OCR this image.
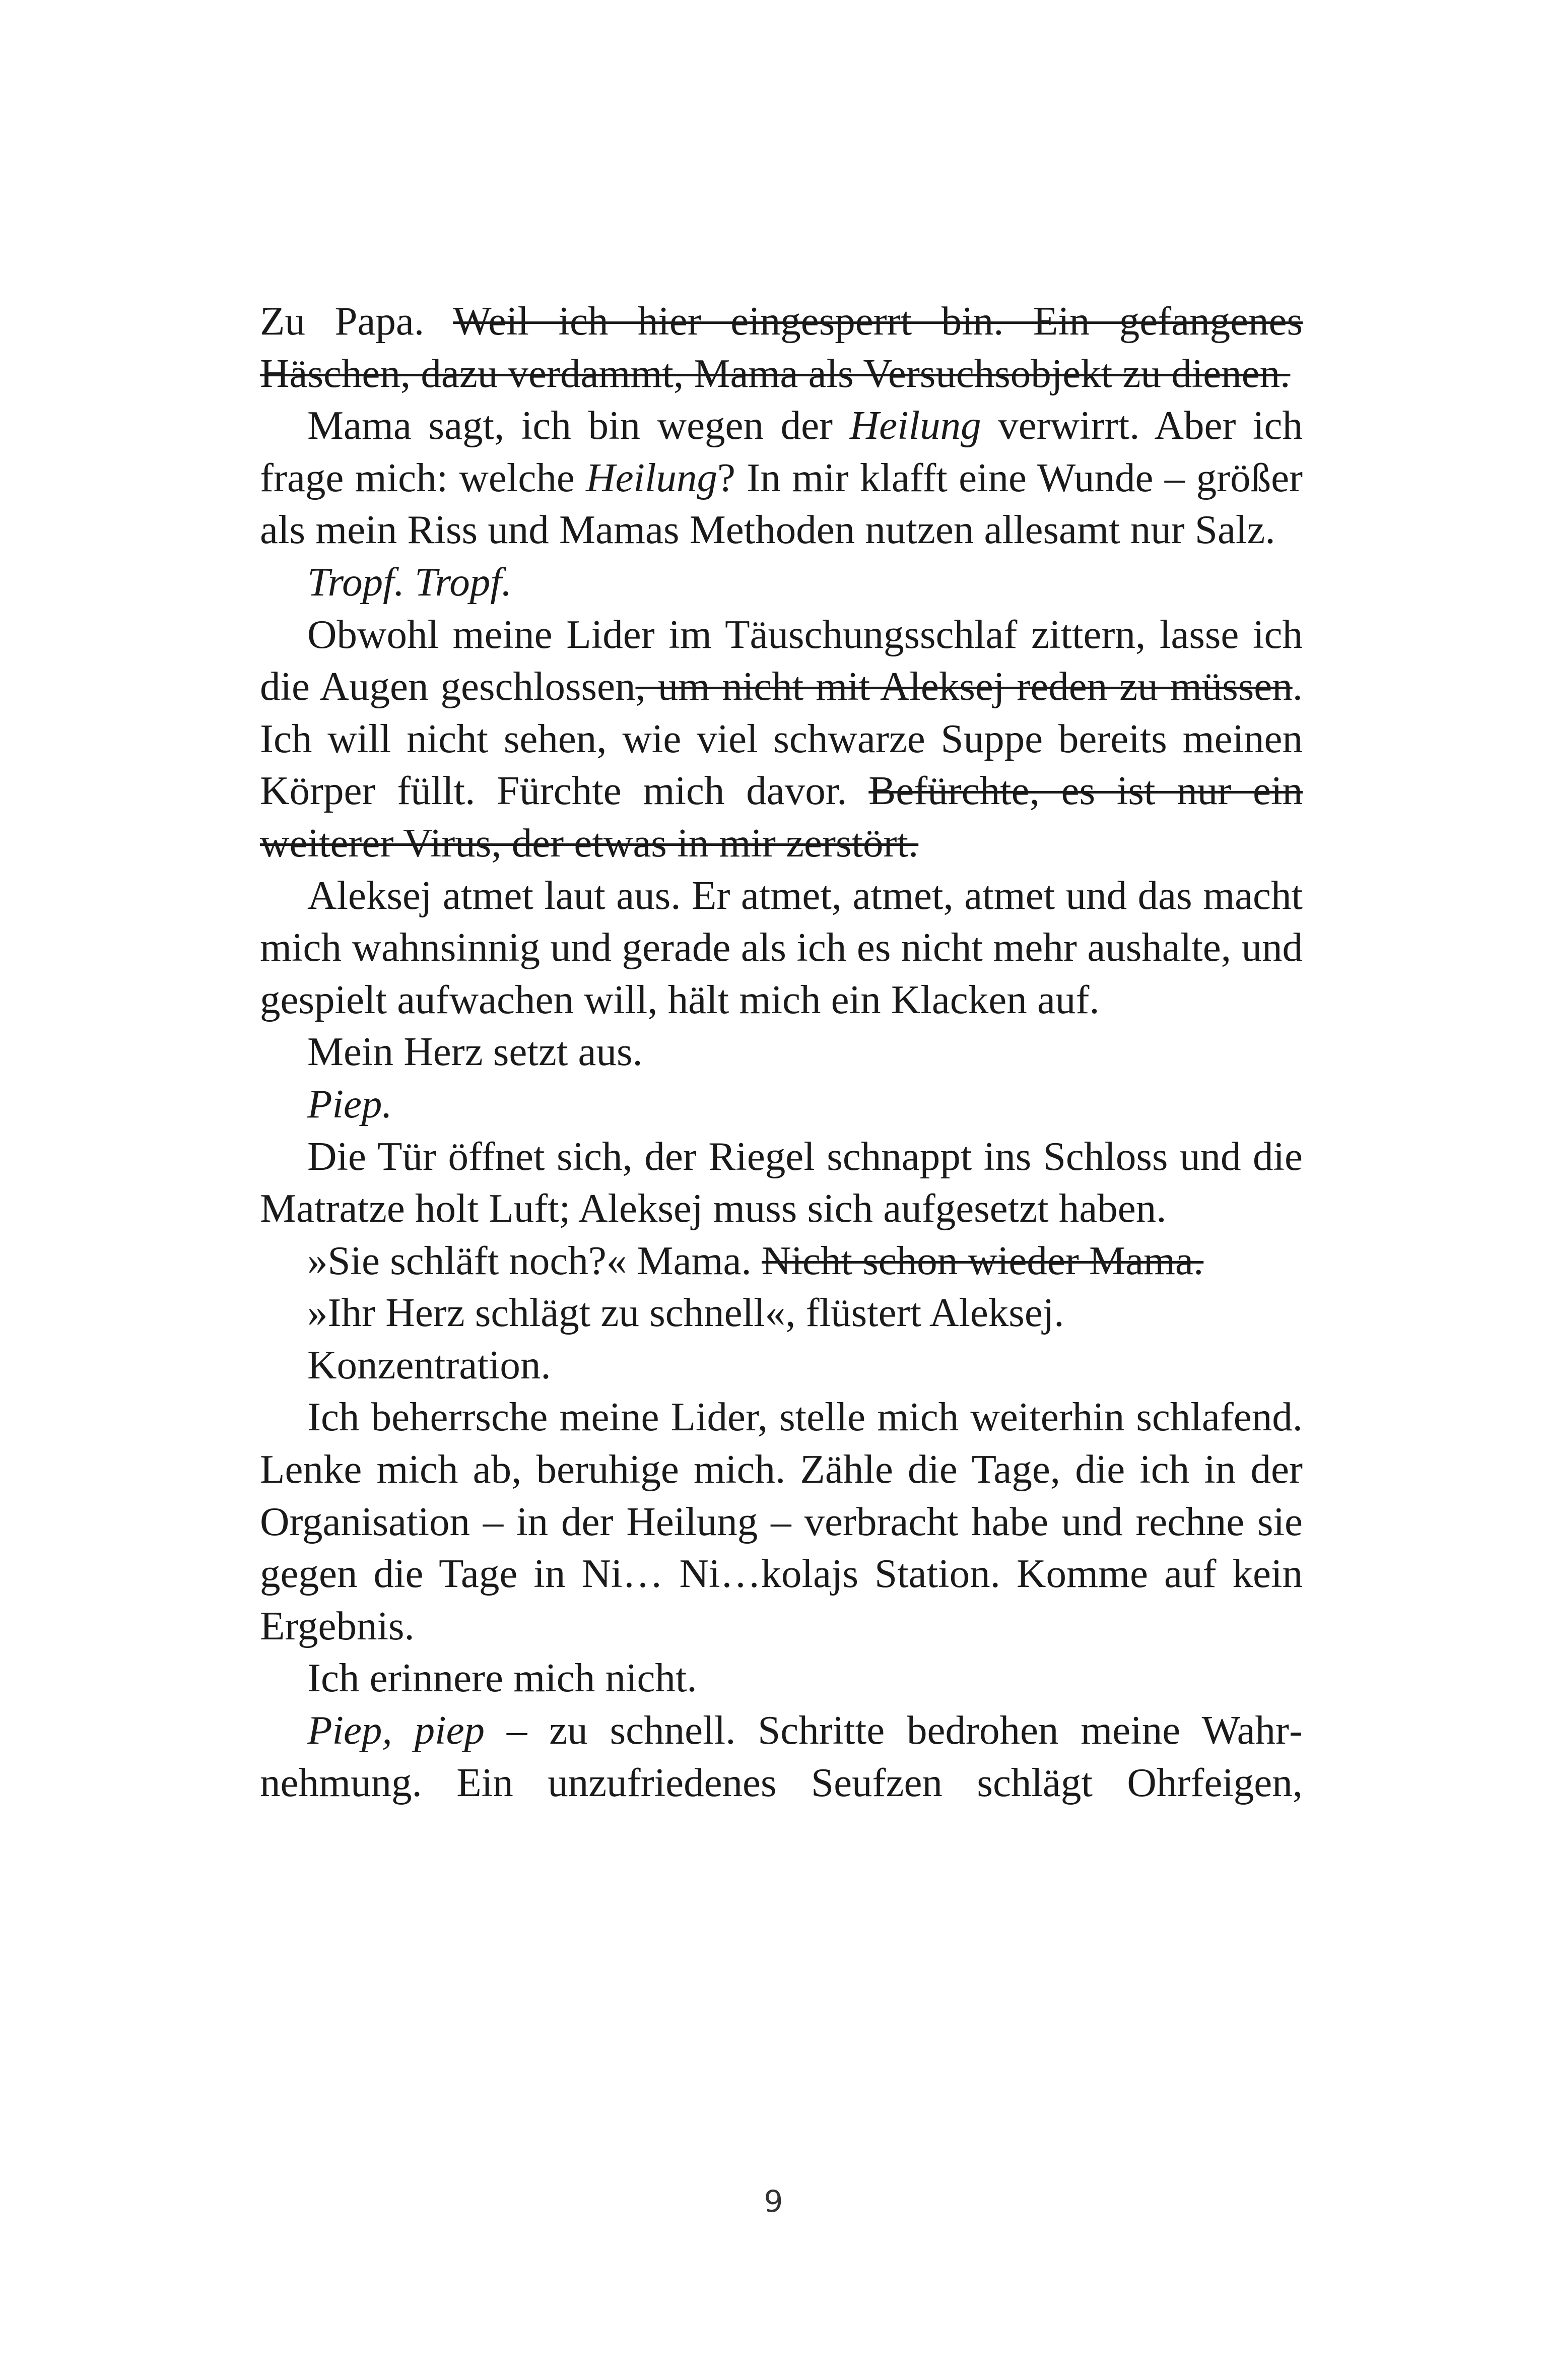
Zu Papa. Weil ich hier eingesperrt bin. Ein gefangenes Häschen, dazu verdammt, Mama als Versuchsobjekt zu dienen.

Mama sagt, ich bin wegen der Heilung verwirrt. Aber ich frage mich: welche Heilung? In mir klafft eine Wunde – größer als mein Riss und Mamas Methoden nutzen allesamt nur Salz.

Tropf. Tropf.

Obwohl meine Lider im Täuschungsschlaf zittern, lasse ich die Augen geschlossen, um nicht mit Aleksej reden zu müssen. Ich will nicht sehen, wie viel schwarze Suppe bereits meinen Körper füllt. Fürchte mich davor. Befürchte, es ist nur ein weiterer Virus, der etwas in mir zerstört.

Aleksej atmet laut aus. Er atmet, atmet, atmet und das macht mich wahnsinnig und gerade als ich es nicht mehr aushalte, und gespielt aufwachen will, hält mich ein Klacken auf.

Mein Herz setzt aus.

Piep.

Die Tür öffnet sich, der Riegel schnappt ins Schloss und die Matratze holt Luft; Aleksej muss sich aufgesetzt haben.

»Sie schläft noch?« Mama. Nicht schon wieder Mama.

»Ihr Herz schlägt zu schnell«, flüstert Aleksej.

Konzentration.

Ich beherrsche meine Lider, stelle mich weiterhin schlafend. Lenke mich ab, beruhige mich. Zähle die Tage, die ich in der Organisation – in der Heilung – verbracht habe und rechne sie gegen die Tage in Ni… Ni…kolajs Station. Komme auf kein Ergebnis.

Ich erinnere mich nicht.

Piep, piep – zu schnell. Schritte bedrohen meine Wahrnehmung. Ein unzufriedenes Seufzen schlägt Ohrfeigen,

9
